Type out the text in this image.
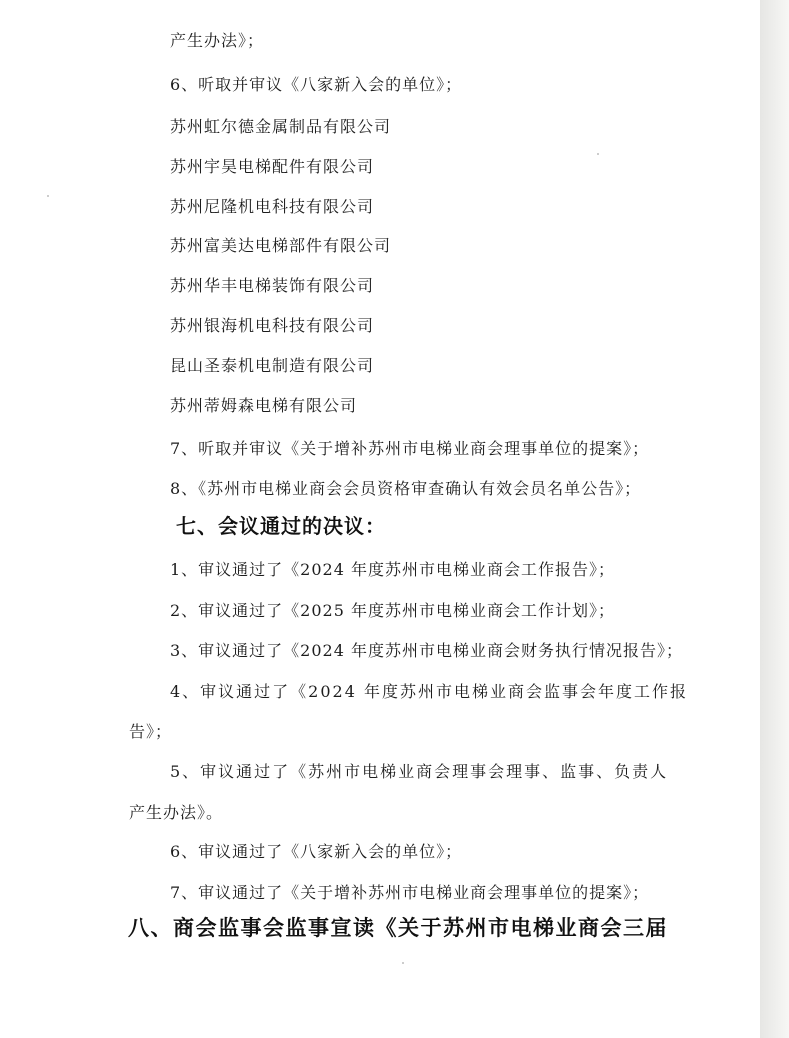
产生办法》；
6、听取并审议《八家新入会的单位》；
苏州虹尔德金属制品有限公司
苏州宇昊电梯配件有限公司
苏州尼隆机电科技有限公司
苏州富美达电梯部件有限公司
苏州华丰电梯装饰有限公司
苏州银海机电科技有限公司
昆山圣泰机电制造有限公司
苏州蒂姆森电梯有限公司
7、听取并审议《关于增补苏州市电梯业商会理事单位的提案》；
8、《苏州市电梯业商会会员资格审查确认有效会员名单公告》；
七、会议通过的决议：
1、审议通过了《2024 年度苏州市电梯业商会工作报告》；
2、审议通过了《2025 年度苏州市电梯业商会工作计划》；
3、审议通过了《2024 年度苏州市电梯业商会财务执行情况报告》；
4、审议通过了《2024 年度苏州市电梯业商会监事会年度工作报
告》；
5、审议通过了《苏州市电梯业商会理事会理事、监事、负责人
产生办法》。
6、审议通过了《八家新入会的单位》；
7、审议通过了《关于增补苏州市电梯业商会理事单位的提案》；
八、商会监事会监事宣读《关于苏州市电梯业商会三届
